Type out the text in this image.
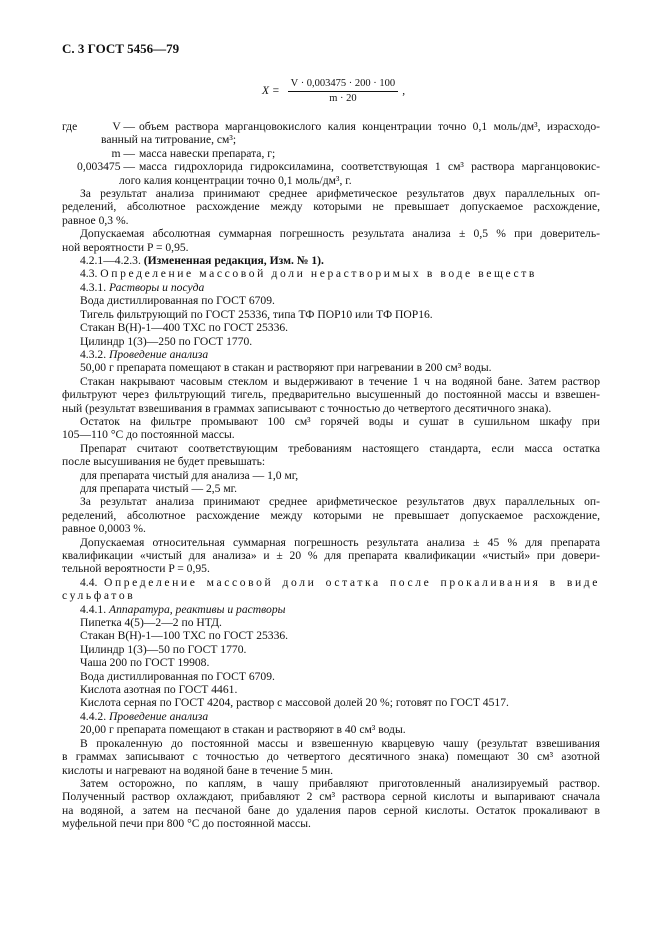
С. 3 ГОСТ 5456—79
$X = \frac{V \cdot 0,003475 \cdot 200 \cdot 100}{m \cdot 20}$ ,
где	V — объем раствора марганцовокислого калия концентрации точно 0,1 моль/дм³, израсходо-
ванный на титрование, см³;
m — масса навески препарата, г;
0,003475 — масса гидрохлорида гидроксиламина, соответствующая 1 см³ раствора марганцовокис-
лого калия концентрации точно 0,1 моль/дм³, г.
За результат анализа принимают среднее арифметическое результатов двух параллельных оп-
ределений, абсолютное расхождение между которыми не превышает допускаемое расхождение,
равное 0,3 %.
Допускаемая абсолютная суммарная погрешность результата анализа ± 0,5 % при доверитель-
ной вероятности P = 0,95.
4.2.1—4.2.3. (Измененная редакция, Изм. № 1).
4.3. Определение массовой доли нерастворимых в воде веществ
4.3.1. Растворы и посуда
Вода дистиллированная по ГОСТ 6709.
Тигель фильтрующий по ГОСТ 25336, типа ТФ ПОР10 или ТФ ПОР16.
Стакан В(Н)-1—400 ТХС по ГОСТ 25336.
Цилиндр 1(3)—250 по ГОСТ 1770.
4.3.2. Проведение анализа
50,00 г препарата помещают в стакан и растворяют при нагревании в 200 см³ воды.
Стакан накрывают часовым стеклом и выдерживают в течение 1 ч на водяной бане. Затем раствор
фильтруют через фильтрующий тигель, предварительно высушенный до постоянной массы и взвешен-
ный (результат взвешивания в граммах записывают с точностью до четвертого десятичного знака).
Остаток на фильтре промывают 100 см³ горячей воды и сушат в сушильном шкафу при
105—110 °С до постоянной массы.
Препарат считают соответствующим требованиям настоящего стандарта, если масса остатка
после высушивания не будет превышать:
для препарата чистый для анализа — 1,0 мг,
для препарата чистый — 2,5 мг.
За результат анализа принимают среднее арифметическое результатов двух параллельных оп-
ределений, абсолютное расхождение между которыми не превышает допускаемое расхождение,
равное 0,0003 %.
Допускаемая относительная суммарная погрешность результата анализа ± 45 % для препарата
квалификации «чистый для анализа» и ± 20 % для препарата квалификации «чистый» при довери-
тельной вероятности P = 0,95.
4.4. Определение массовой доли остатка после прокаливания в виде
сульфатов
4.4.1. Аппаратура, реактивы и растворы
Пипетка 4(5)—2—2 по НТД.
Стакан В(Н)-1—100 ТХС по ГОСТ 25336.
Цилиндр 1(3)—50 по ГОСТ 1770.
Чаша 200 по ГОСТ 19908.
Вода дистиллированная по ГОСТ 6709.
Кислота азотная по ГОСТ 4461.
Кислота серная по ГОСТ 4204, раствор с массовой долей 20 %; готовят по ГОСТ 4517.
4.4.2. Проведение анализа
20,00 г препарата помещают в стакан и растворяют в 40 см³ воды.
В прокаленную до постоянной массы и взвешенную кварцевую чашу (результат взвешивания
в граммах записывают с точностью до четвертого десятичного знака) помещают 30 см³ азотной
кислоты и нагревают на водяной бане в течение 5 мин.
Затем осторожно, по каплям, в чашу прибавляют приготовленный анализируемый раствор.
Полученный раствор охлаждают, прибавляют 2 см³ раствора серной кислоты и выпаривают сначала
на водяной, а затем на песчаной бане до удаления паров серной кислоты. Остаток прокаливают в
муфельной печи при 800 °С до постоянной массы.
